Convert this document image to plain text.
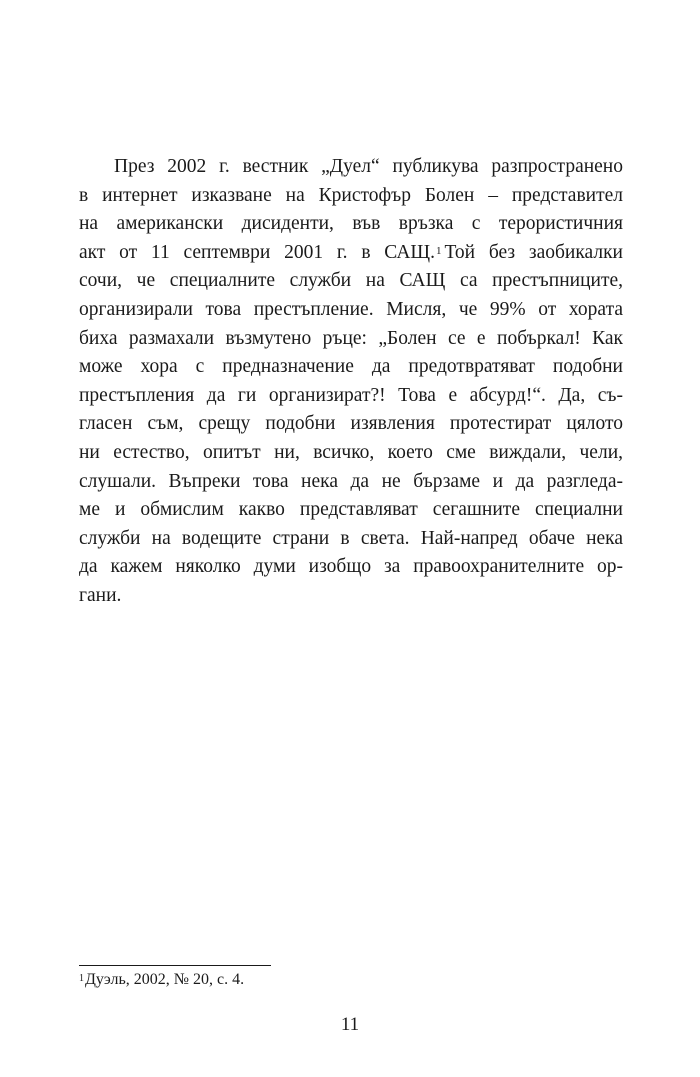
През 2002 г. вестник „Дуел“ публикува разпространено
в интернет изказване на Кристофър Болен – представител
на американски дисиденти, във връзка с терористичния
акт от 11 септември 2001 г. в САЩ.$^1$ Той без заобикалки
сочи, че специалните служби на САЩ са престъпниците,
организирали това престъпление. Мисля, че 99% от хората
биха размахали възмутено ръце: „Болен се е побъркал! Как
може хора с предназначение да предотвратяват подобни
престъпления да ги организират?! Това е абсурд!“. Да, съ-
гласен съм, срещу подобни изявления протестират цялото
ни естество, опитът ни, всичко, което сме виждали, чели,
слушали. Въпреки това нека да не бързаме и да разгледа-
ме и обмислим какво представляват сегашните специални
служби на водещите страни в света. Най-напред обаче нека
да кажем няколко думи изобщо за правоохранителните ор-
гани.
$^1$Дуэль, 2002, № 20, с. 4.
11
